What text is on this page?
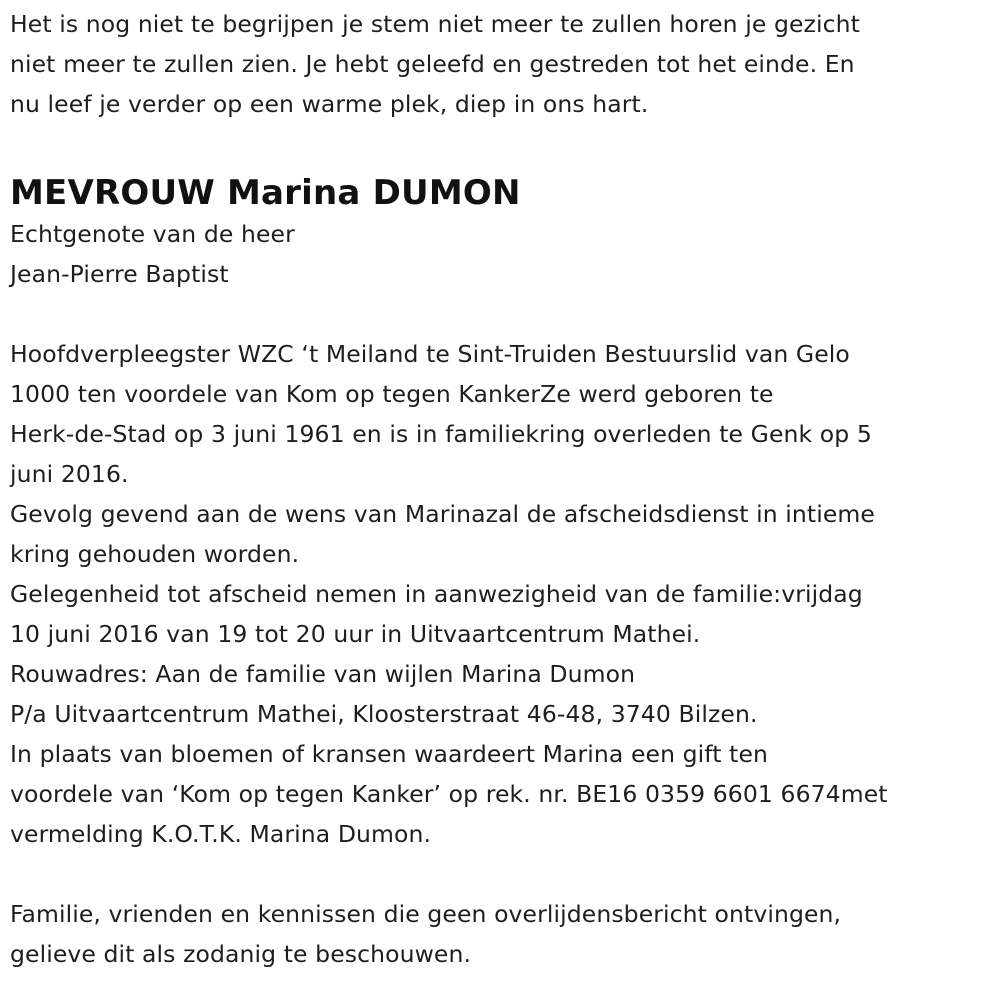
Het is nog niet te begrijpen je stem niet meer te zullen horen je gezicht
niet meer te zullen zien. Je hebt geleefd en gestreden tot het einde. En
nu leef je verder op een warme plek, diep in ons hart.
MEVROUW Marina DUMON
Echtgenote van de heer
Jean-Pierre Baptist
Hoofdverpleegster WZC ‘t Meiland te Sint-Truiden Bestuurslid van Gelo
1000 ten voordele van Kom op tegen KankerZe werd geboren te
Herk-de-Stad op 3 juni 1961 en is in familiekring overleden te Genk op 5
juni 2016.
Gevolg gevend aan de wens van Marinazal de afscheidsdienst in intieme
kring gehouden worden.
Gelegenheid tot afscheid nemen in aanwezigheid van de familie:vrijdag
10 juni 2016 van 19 tot 20 uur in Uitvaartcentrum Mathei.
Rouwadres: Aan de familie van wijlen Marina Dumon
P/a Uitvaartcentrum Mathei, Kloosterstraat 46-48, 3740 Bilzen.
In plaats van bloemen of kransen waardeert Marina een gift ten
voordele van ‘Kom op tegen Kanker’ op rek. nr. BE16 0359 6601 6674met
vermelding K.O.T.K. Marina Dumon.
Familie, vrienden en kennissen die geen overlijdensbericht ontvingen,
gelieve dit als zodanig te beschouwen.
